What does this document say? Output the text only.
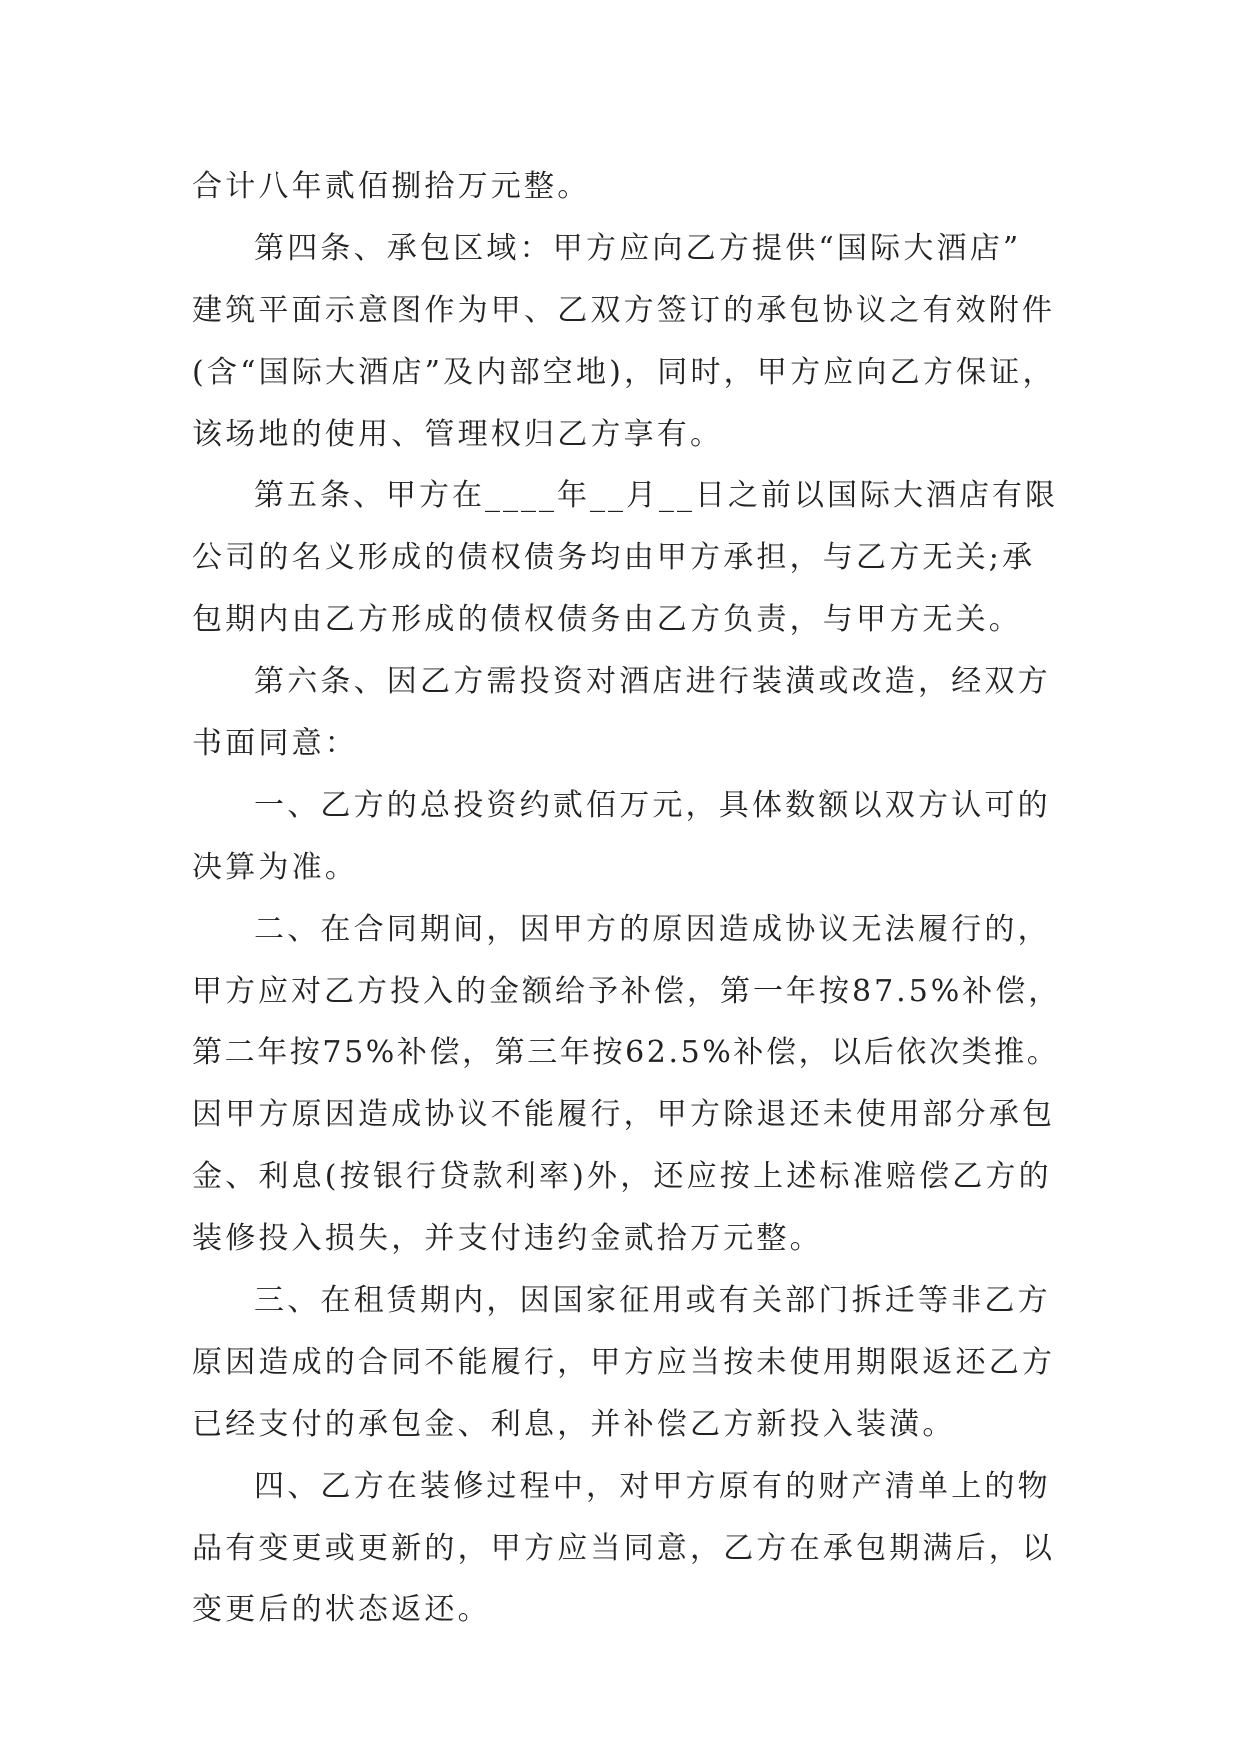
合计八年贰佰捌拾万元整。
第四条、承包区域：甲方应向乙方提供“国际大酒店”
建筑平面示意图作为甲、乙双方签订的承包协议之有效附件
(含“国际大酒店”及内部空地)，同时，甲方应向乙方保证，
该场地的使用、管理权归乙方享有。
第五条、甲方在____年__月__日之前以国际大酒店有限
公司的名义形成的债权债务均由甲方承担，与乙方无关;承
包期内由乙方形成的债权债务由乙方负责，与甲方无关。
第六条、因乙方需投资对酒店进行装潢或改造，经双方
书面同意：
一、乙方的总投资约贰佰万元，具体数额以双方认可的
决算为准。
二、在合同期间，因甲方的原因造成协议无法履行的，
甲方应对乙方投入的金额给予补偿，第一年按87.5%补偿，
第二年按75%补偿，第三年按62.5%补偿，以后依次类推。
因甲方原因造成协议不能履行，甲方除退还未使用部分承包
金、利息(按银行贷款利率)外，还应按上述标准赔偿乙方的
装修投入损失，并支付违约金贰拾万元整。
三、在租赁期内，因国家征用或有关部门拆迁等非乙方
原因造成的合同不能履行，甲方应当按未使用期限返还乙方
已经支付的承包金、利息，并补偿乙方新投入装潢。
四、乙方在装修过程中，对甲方原有的财产清单上的物
品有变更或更新的，甲方应当同意，乙方在承包期满后，以
变更后的状态返还。
